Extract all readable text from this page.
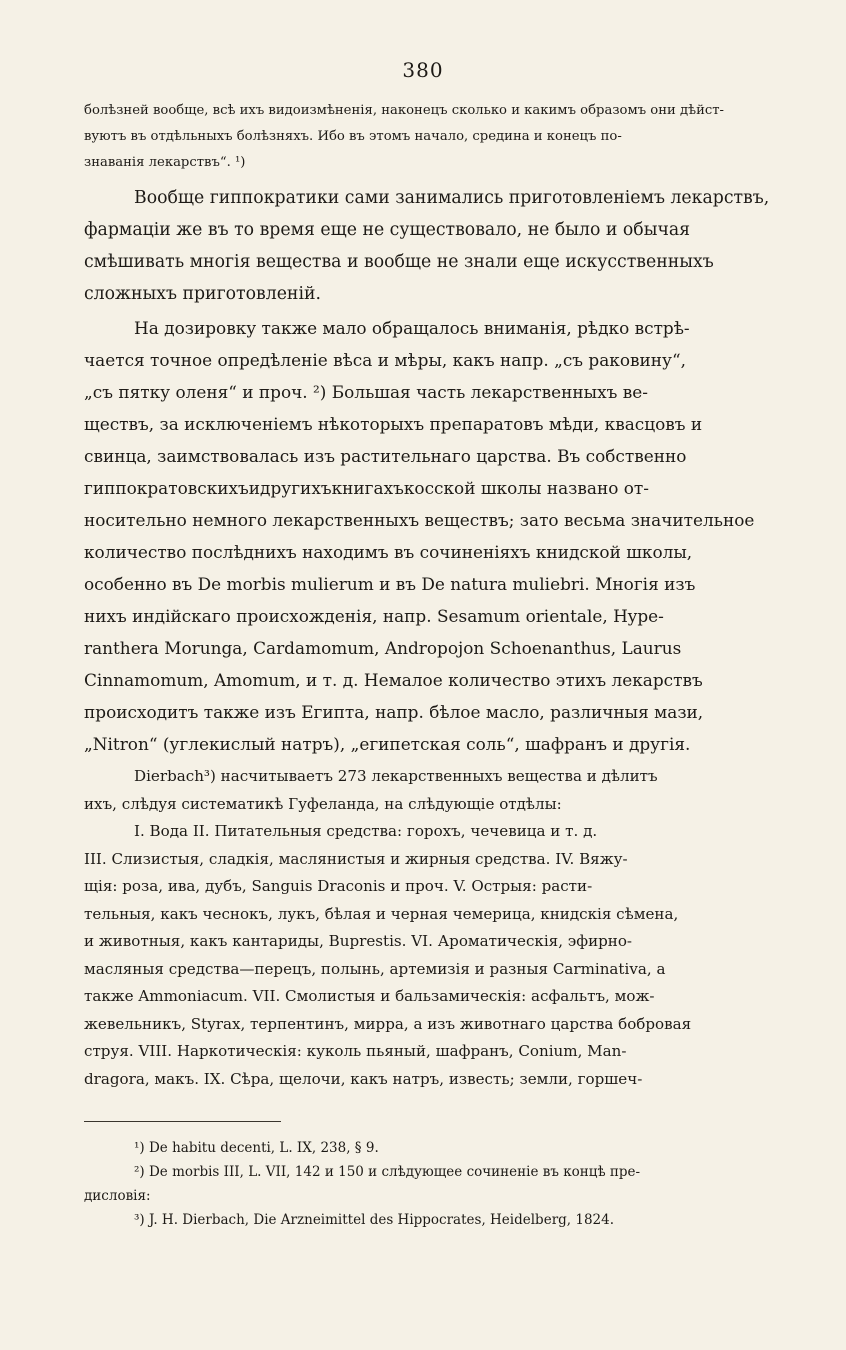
380
болѣзней вообще, всѣ ихъ видоизмѣненія, наконецъ сколько и какимъ образомъ они дѣйст-
вуютъ въ отдѣльныхъ болѣзняхъ. Ибо въ этомъ начало, средина и конецъ по-
знаванія лекарствъ“. ¹)
Вообще гиппократики сами занимались приготовленіемъ лекарствъ,
фармаціи же въ то время еще не существовало, не было и обычая
смѣшивать многія вещества и вообще не знали еще искусственныхъ
сложныхъ приготовленій.
На дозировку также мало обращалось вниманія, рѣдко встрѣ-
чается точное опредѣленіе вѣса и мѣры, какъ напр. „съ раковину“,
„съ пятку оленя“ и проч. ²) Большая часть лекарственныхъ ве-
ществъ, за исключеніемъ нѣкоторыхъ препаратовъ мѣди, квасцовъ и
свинца, заимствовалась изъ растительнаго царства. Въ собственно
гиппократовскихъидругихъкнигахъкосской школы названо от-
носительно немного лекарственныхъ веществъ; зато весьма значительное
количество послѣднихъ находимъ въ сочиненіяхъ книдской школы,
особенно въ De morbis mulierum и въ De natura muliebri. Многія изъ
нихъ индійскаго происхожденія, напр. Sesamum orientale, Hype-
ranthera Morunga, Cardamomum, Andropojon Schoenanthus, Laurus
Cinnamomum, Amomum, и т. д. Немалое количество этихъ лекарствъ
происходитъ также изъ Египта, напр. бѣлое масло, различныя мази,
„Nitron“ (углекислый натръ), „египетская соль“, шафранъ и другія.
Dierbach³) насчитываетъ 273 лекарственныхъ вещества и дѣлитъ
ихъ, слѣдуя систематикѣ Гуфеланда, на слѣдующіе отдѣлы:
I. Вода II. Питательныя средства: горохъ, чечевица и т. д.
III. Слизистыя, сладкія, маслянистыя и жирныя средства. IV. Вяжу-
щія: роза, ива, дубъ, Sanguis Draconis и проч. V. Острыя: расти-
тельныя, какъ чеснокъ, лукъ, бѣлая и черная чемерица, книдскія сѣмена,
и животныя, какъ кантариды, Buprestis. VI. Ароматическія, эфирно-
масляныя средства—перецъ, полынь, артемизія и разныя Carminativa, а
также Ammoniacum. VII. Смолистыя и бальзамическія: асфальтъ, мож-
жевельникъ, Styrax, терпентинъ, мирра, а изъ животнаго царства бобровая
струя. VIII. Наркотическія: куколь пьяный, шафранъ, Conium, Man-
dragora, макъ. IX. Сѣра, щелочи, какъ натръ, известь; земли, горшеч-
¹) De habitu decenti, L. IX, 238, § 9.
²) De morbis III, L. VII, 142 и 150 и слѣдующее сочиненіе въ концѣ пре-
дисловія:
³) J. H. Dierbach, Die Arzneimittel des Hippocrates, Heidelberg, 1824.
